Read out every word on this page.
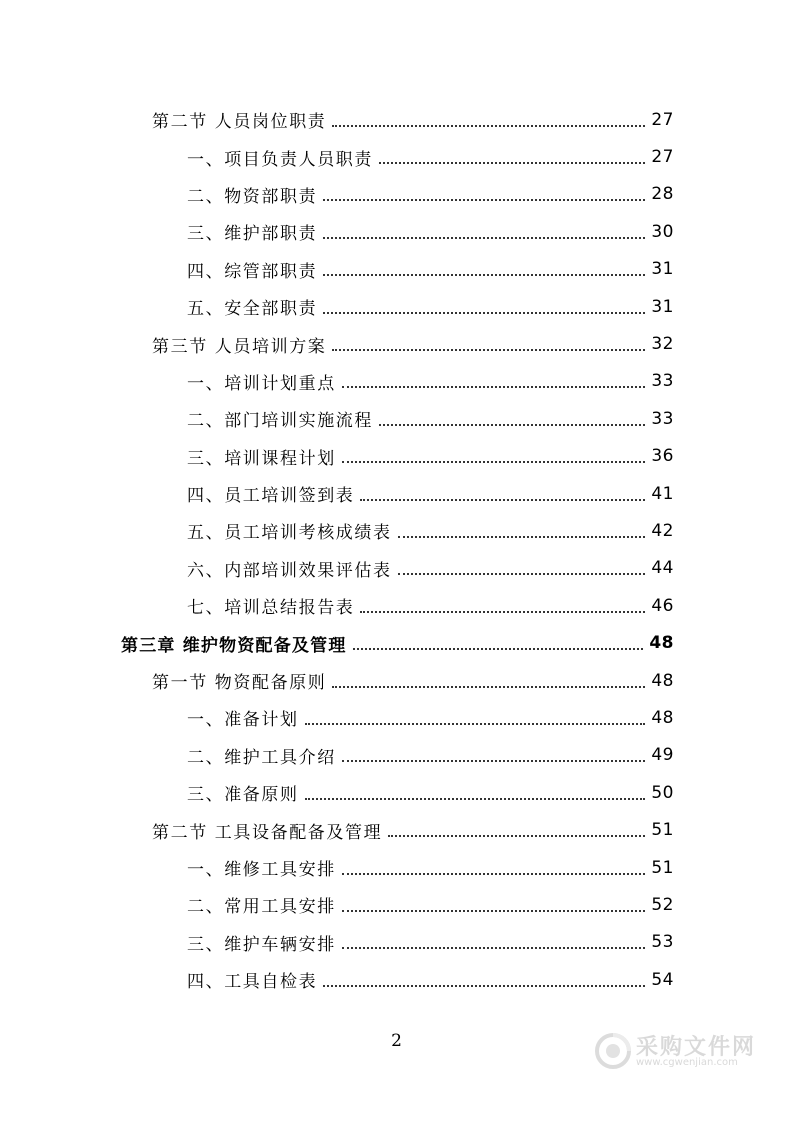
第二节 人员岗位职责	27
一、项目负责人员职责	27
二、物资部职责	28
三、维护部职责	30
四、综管部职责	31
五、安全部职责	31
第三节 人员培训方案	32
一、培训计划重点	33
二、部门培训实施流程	33
三、培训课程计划	36
四、员工培训签到表	41
五、员工培训考核成绩表	42
六、内部培训效果评估表	44
七、培训总结报告表	46
第三章 维护物资配备及管理	48
第一节 物资配备原则	48
一、准备计划	48
二、维护工具介绍	49
三、准备原则	50
第二节 工具设备配备及管理	51
一、维修工具安排	51
二、常用工具安排	52
三、维护车辆安排	53
四、工具自检表	54
2	采购文件网
www.cgwenjian.com
